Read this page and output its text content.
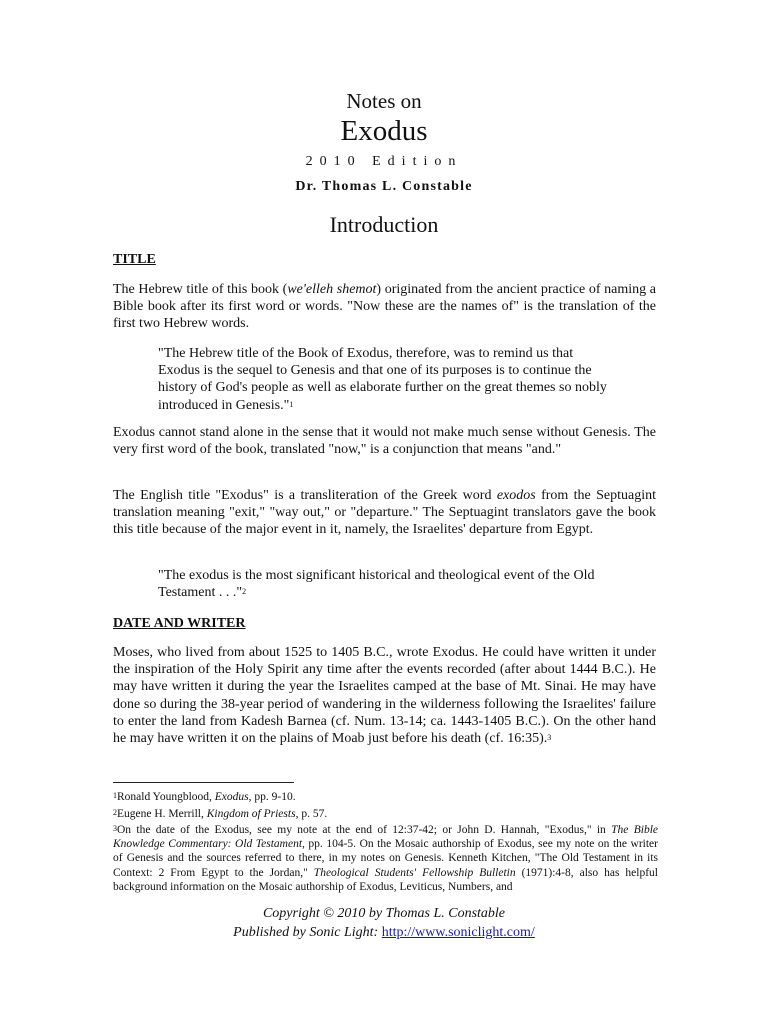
Notes on
Exodus
2010 Edition
Dr. Thomas L. Constable
Introduction
TITLE
The Hebrew title of this book (we'elleh shemot) originated from the ancient practice of naming a Bible book after its first word or words. "Now these are the names of" is the translation of the first two Hebrew words.
"The Hebrew title of the Book of Exodus, therefore, was to remind us that Exodus is the sequel to Genesis and that one of its purposes is to continue the history of God's people as well as elaborate further on the great themes so nobly introduced in Genesis."$^1$
Exodus cannot stand alone in the sense that it would not make much sense without Genesis. The very first word of the book, translated "now," is a conjunction that means "and."
The English title "Exodus" is a transliteration of the Greek word exodos from the Septuagint translation meaning "exit," "way out," or "departure." The Septuagint translators gave the book this title because of the major event in it, namely, the Israelites' departure from Egypt.
"The exodus is the most significant historical and theological event of the Old Testament . . ."$^2$
DATE AND WRITER
Moses, who lived from about 1525 to 1405 B.C., wrote Exodus. He could have written it under the inspiration of the Holy Spirit any time after the events recorded (after about 1444 B.C.). He may have written it during the year the Israelites camped at the base of Mt. Sinai. He may have done so during the 38-year period of wandering in the wilderness following the Israelites' failure to enter the land from Kadesh Barnea (cf. Num. 13-14; ca. 1443-1405 B.C.). On the other hand he may have written it on the plains of Moab just before his death (cf. 16:35).$^3$
$^1$Ronald Youngblood, Exodus, pp. 9-10.
$^2$Eugene H. Merrill, Kingdom of Priests, p. 57.
$^3$On the date of the Exodus, see my note at the end of 12:37-42; or John D. Hannah, "Exodus," in The Bible Knowledge Commentary: Old Testament, pp. 104-5. On the Mosaic authorship of Exodus, see my note on the writer of Genesis and the sources referred to there, in my notes on Genesis. Kenneth Kitchen, "The Old Testament in its Context: 2 From Egypt to the Jordan," Theological Students' Fellowship Bulletin (1971):4-8, also has helpful background information on the Mosaic authorship of Exodus, Leviticus, Numbers, and
Copyright © 2010 by Thomas L. Constable
Published by Sonic Light: http://www.soniclight.com/
